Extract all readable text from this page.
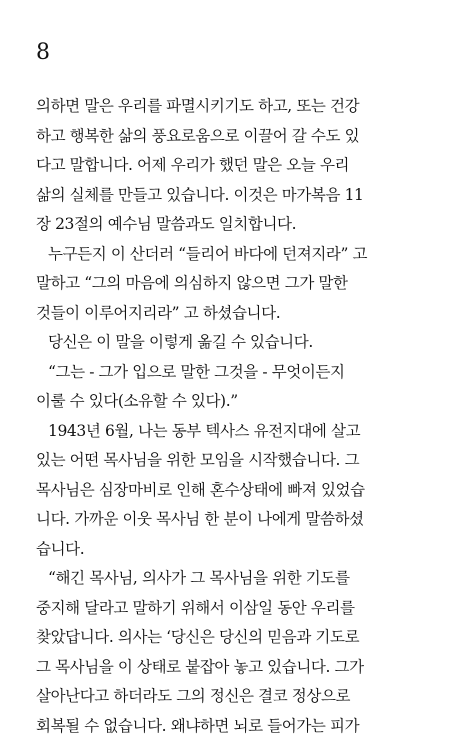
8
의하면 말은 우리를 파멸시키기도 하고, 또는 건강
하고 행복한 삶의 풍요로움으로 이끌어 갈 수도 있
다고 말합니다. 어제 우리가 했던 말은 오늘 우리
삶의 실체를 만들고 있습니다. 이것은 마가복음 11
장 23절의 예수님 말씀과도 일치합니다.
누구든지 이 산더러 “들리어 바다에 던져지라” 고
말하고 “그의 마음에 의심하지 않으면 그가 말한
것들이 이루어지리라” 고 하셨습니다.
당신은 이 말을 이렇게 옮길 수 있습니다.
“그는 - 그가 입으로 말한 그것을 - 무엇이든지
이룰 수 있다(소유할 수 있다).”
1943년 6월, 나는 동부 텍사스 유전지대에 살고
있는 어떤 목사님을 위한 모임을 시작했습니다. 그
목사님은 심장마비로 인해 혼수상태에 빠져 있었습
니다. 가까운 이웃 목사님 한 분이 나에게 말씀하셨
습니다.
“해긴 목사님, 의사가 그 목사님을 위한 기도를
중지해 달라고 말하기 위해서 이삼일 동안 우리를
찾았답니다. 의사는 ‘당신은 당신의 믿음과 기도로
그 목사님을 이 상태로 붙잡아 놓고 있습니다. 그가
살아난다고 하더라도 그의 정신은 결코 정상으로
회복될 수 없습니다. 왜냐하면 뇌로 들어가는 피가
